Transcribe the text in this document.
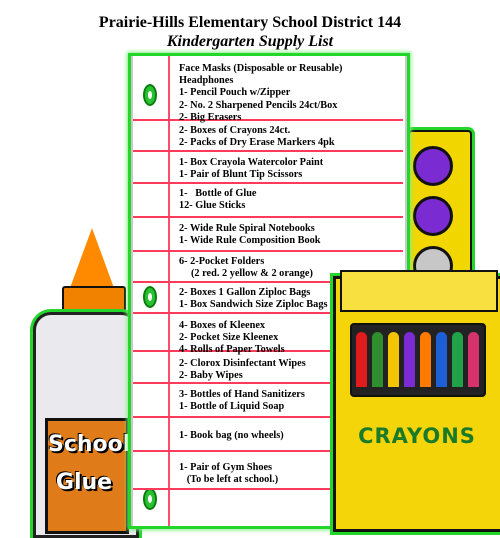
Prairie-Hills Elementary School District 144
Kindergarten Supply List
School
Glue
Face Masks (Disposable or Reusable)
Headphones
1- Pencil Pouch w/Zipper
2- No. 2 Sharpened Pencils 24ct/Box
2- Big Erasers
2- Boxes of Crayons 24ct.
2- Packs of Dry Erase Markers 4pk
1- Box Crayola Watercolor Paint
1- Pair of Blunt Tip Scissors
1-   Bottle of Glue
12- Glue Sticks
2- Wide Rule Spiral Notebooks
1- Wide Rule Composition Book
6- 2-Pocket Folders
(2 red. 2 yellow & 2 orange)
2- Boxes 1 Gallon Ziploc Bags
1- Box Sandwich Size Ziploc Bags
4- Boxes of Kleenex
2- Pocket Size Kleenex
4- Rolls of Paper Towels
2- Clorox Disinfectant Wipes
2- Baby Wipes
3- Bottles of Hand Sanitizers
1- Bottle of Liquid Soap
1- Book bag (no wheels)
1- Pair of Gym Shoes
(To be left at school.)
CRAYONS
